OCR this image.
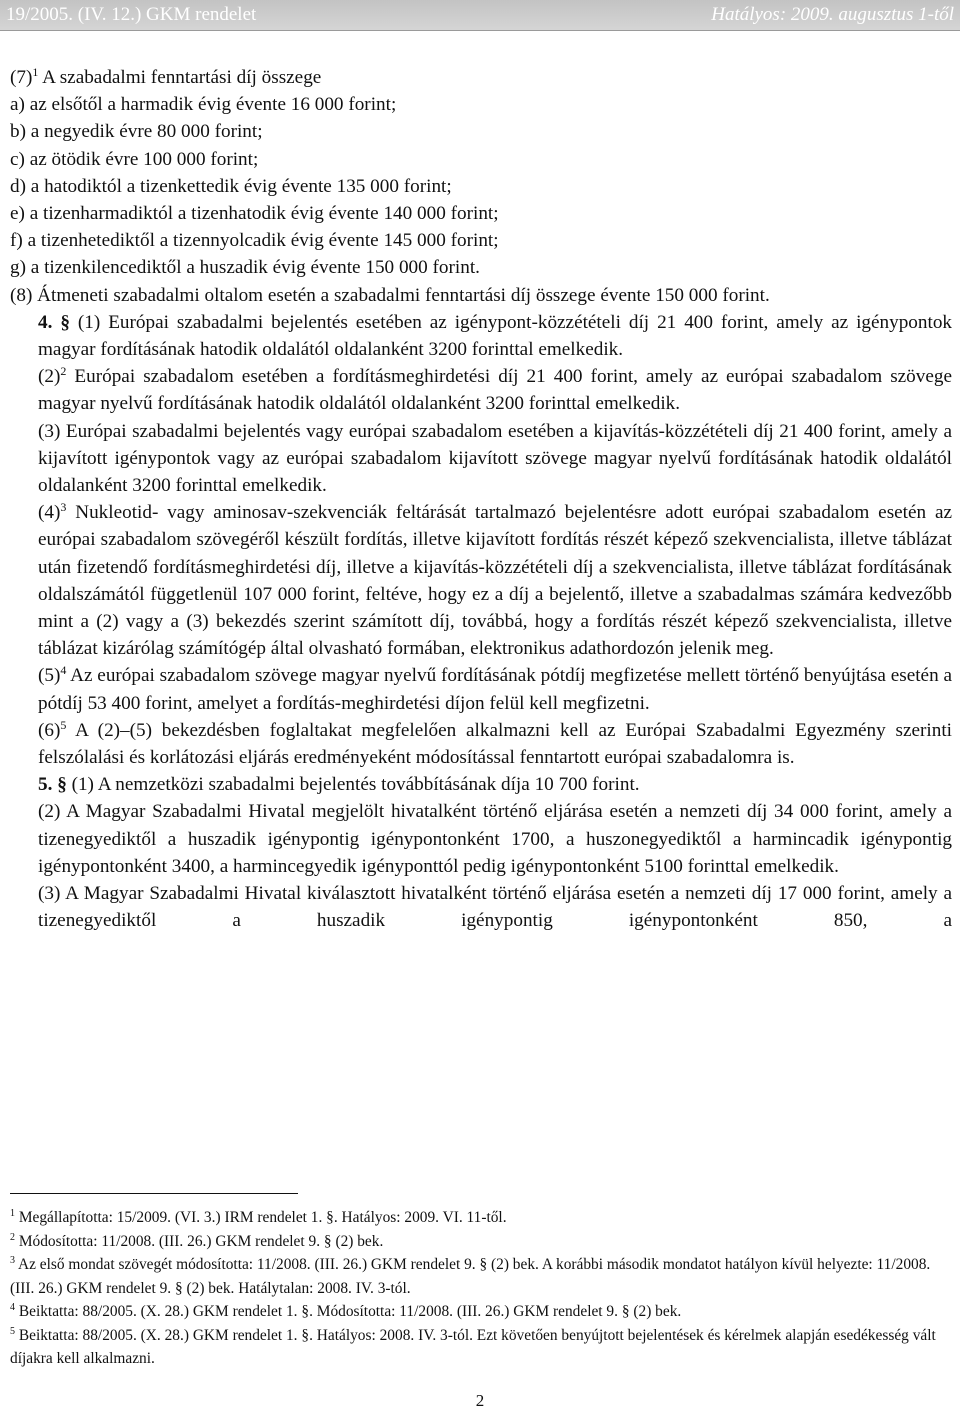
19/2005. (IV. 12.) GKM rendelet	Hatályos: 2009. augusztus 1-től

$(7)^1$ A szabadalmi fenntartási díj összege

a) az elsőtől a harmadik évig évente 16 000 forint;

b) a negyedik évre 80 000 forint;

c) az ötödik évre 100 000 forint;

d) a hatodiktól a tizenkettedik évig évente 135 000 forint;

e) a tizenharmadiktól a tizenhatodik évig évente 140 000 forint;

f) a tizenhetediktől a tizennyolcadik évig évente 145 000 forint;

g) a tizenkilencediktől a huszadik évig évente 150 000 forint.

(8) Átmeneti szabadalmi oltalom esetén a szabadalmi fenntartási díj összege évente 150 000 forint.

4. § (1) Európai szabadalmi bejelentés esetében az igénypont-közzétételi díj 21 400 forint, amely az igénypontok magyar fordításának hatodik oldalától oldalanként 3200 forinttal emelkedik.

$(2)^2$ Európai szabadalom esetében a fordításmeghirdetési díj 21 400 forint, amely az európai szabadalom szövege magyar nyelvű fordításának hatodik oldalától oldalanként 3200 forinttal emelkedik.

(3) Európai szabadalmi bejelentés vagy európai szabadalom esetében a kijavítás-közzétételi díj 21 400 forint, amely a kijavított igénypontok vagy az európai szabadalom kijavított szövege magyar nyelvű fordításának hatodik oldalától oldalanként 3200 forinttal emelkedik.

$(4)^3$ Nukleotid- vagy aminosav-szekvenciák feltárását tartalmazó bejelentésre adott európai szabadalom esetén az európai szabadalom szövegéről készült fordítás, illetve kijavított fordítás részét képező szekvencialista, illetve táblázat után fizetendő fordításmeghirdetési díj, illetve a kijavítás-közzétételi díj a szekvencialista, illetve táblázat fordításának oldalszámától függetlenül 107 000 forint, feltéve, hogy ez a díj a bejelentő, illetve a szabadalmas számára kedvezőbb mint a (2) vagy a (3) bekezdés szerint számított díj, továbbá, hogy a fordítás részét képező szekvencialista, illetve táblázat kizárólag számítógép által olvasható formában, elektronikus adathordozón jelenik meg.

$(5)^4$ Az európai szabadalom szövege magyar nyelvű fordításának pótdíj megfizetése mellett történő benyújtása esetén a pótdíj 53 400 forint, amelyet a fordítás-meghirdetési díjon felül kell megfizetni.

$(6)^5$ A (2)–(5) bekezdésben foglaltakat megfelelően alkalmazni kell az Európai Szabadalmi Egyezmény szerinti felszólalási és korlátozási eljárás eredményeként módosítással fenntartott európai szabadalomra is.

5. § (1) A nemzetközi szabadalmi bejelentés továbbításának díja 10 700 forint.

(2) A Magyar Szabadalmi Hivatal megjelölt hivatalként történő eljárása esetén a nemzeti díj 34 000 forint, amely a tizenegyediktől a huszadik igénypontig igénypontonként 1700, a huszonegyediktől a harmincadik igénypontig igénypontonként 3400, a harmincegyedik igényponttól pedig igénypontonként 5100 forinttal emelkedik.

(3) A Magyar Szabadalmi Hivatal kiválasztott hivatalként történő eljárása esetén a nemzeti díj 17 000 forint, amely a tizenegyediktől a huszadik igénypontig igénypontonként 850, a

$^1$ Megállapította: 15/2009. (VI. 3.) IRM rendelet 1. §. Hatályos: 2009. VI. 11-től.
$^2$ Módosította: 11/2008. (III. 26.) GKM rendelet 9. § (2) bek.
$^3$ Az első mondat szövegét módosította: 11/2008. (III. 26.) GKM rendelet 9. § (2) bek. A korábbi második mondatot hatályon kívül helyezte: 11/2008. (III. 26.) GKM rendelet 9. § (2) bek. Hatálytalan: 2008. IV. 3-tól.
$^4$ Beiktatta: 88/2005. (X. 28.) GKM rendelet 1. §. Módosította: 11/2008. (III. 26.) GKM rendelet 9. § (2) bek.
$^5$ Beiktatta: 88/2005. (X. 28.) GKM rendelet 1. §. Hatályos: 2008. IV. 3-tól. Ezt követően benyújtott bejelentések és kérelmek alapján esedékesség vált díjakra kell alkalmazni.
2
